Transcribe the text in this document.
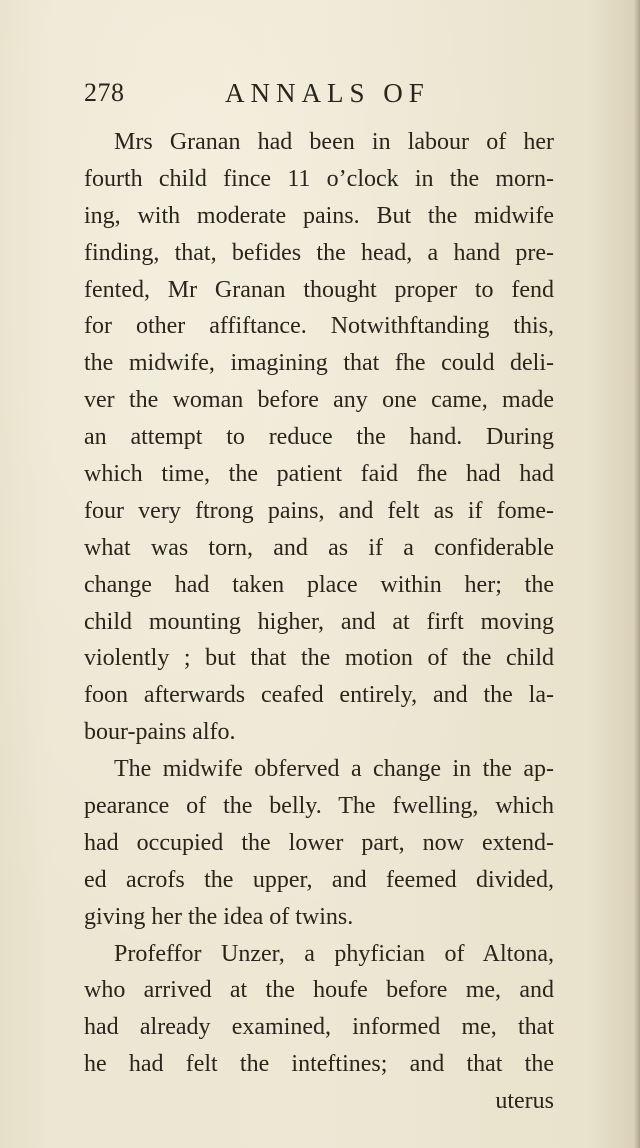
278	ANNALS OF
Mrs Granan had been in labour of her
fourth child fince 11 o’clock in the morn-
ing, with moderate pains. But the midwife
finding, that, befides the head, a hand pre-
fented, Mr Granan thought proper to fend
for other affiftance. Notwithftanding this,
the midwife, imagining that fhe could deli-
ver the woman before any one came, made
an attempt to reduce the hand. During
which time, the patient faid fhe had had
four very ftrong pains, and felt as if fome-
what was torn, and as if a confiderable
change had taken place within her; the
child mounting higher, and at firft moving
violently ; but that the motion of the child
foon afterwards ceafed entirely, and the la-
bour-pains alfo.
The midwife obferved a change in the ap-
pearance of the belly. The fwelling, which
had occupied the lower part, now extend-
ed acrofs the upper, and feemed divided,
giving her the idea of twins.
Profeffor Unzer, a phyfician of Altona,
who arrived at the houfe before me, and
had already examined, informed me, that
he had felt the inteftines; and that the
uterus
